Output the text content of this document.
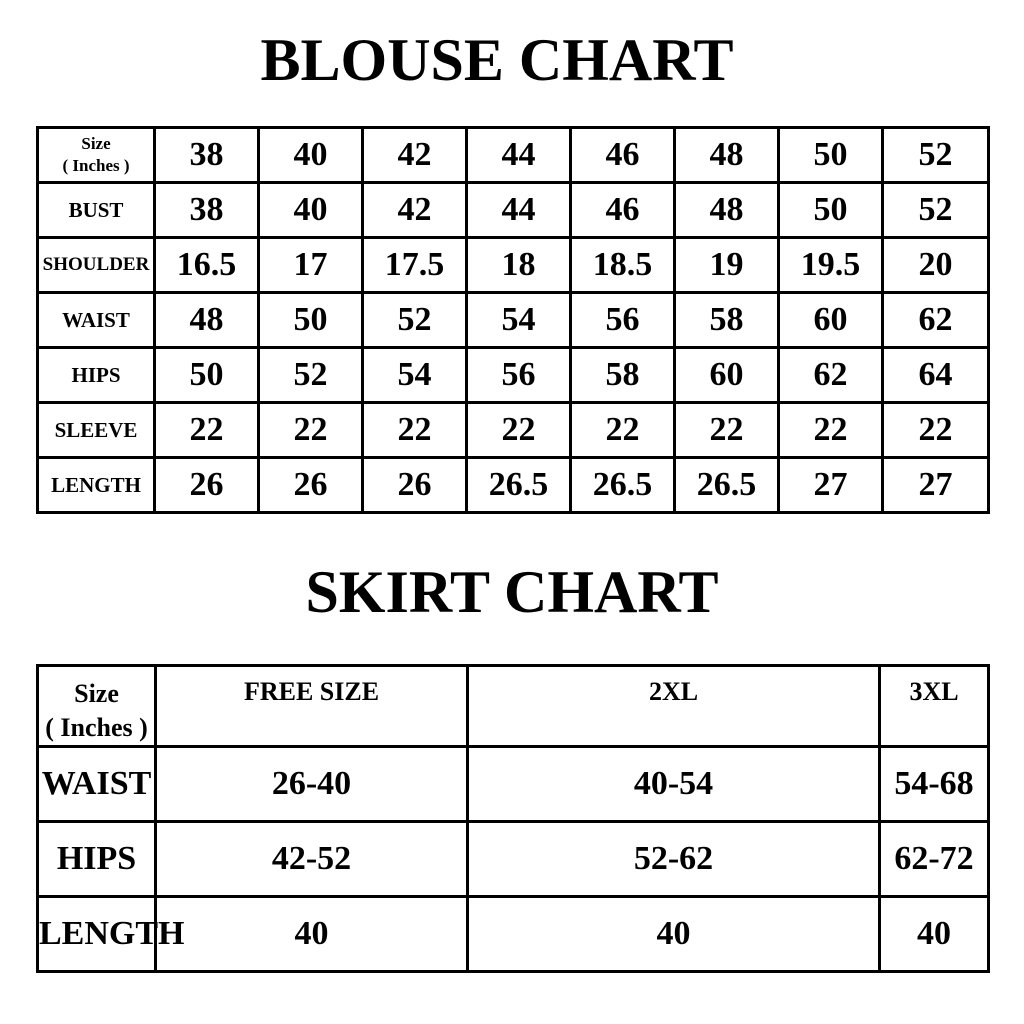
BLOUSE CHART
Size
( Inches )	38	40	42	44	46	48	50	52
BUST	38	40	42	44	46	48	50	52
SHOULDER	16.5	17	17.5	18	18.5	19	19.5	20
WAIST	48	50	52	54	56	58	60	62
HIPS	50	52	54	56	58	60	62	64
SLEEVE	22	22	22	22	22	22	22	22
LENGTH	26	26	26	26.5	26.5	26.5	27	27
SKIRT CHART
Size
( Inches )	FREE SIZE	2XL	3XL
WAIST	26-40	40-54	54-68
HIPS	42-52	52-62	62-72
LENGTH	40	40	40
